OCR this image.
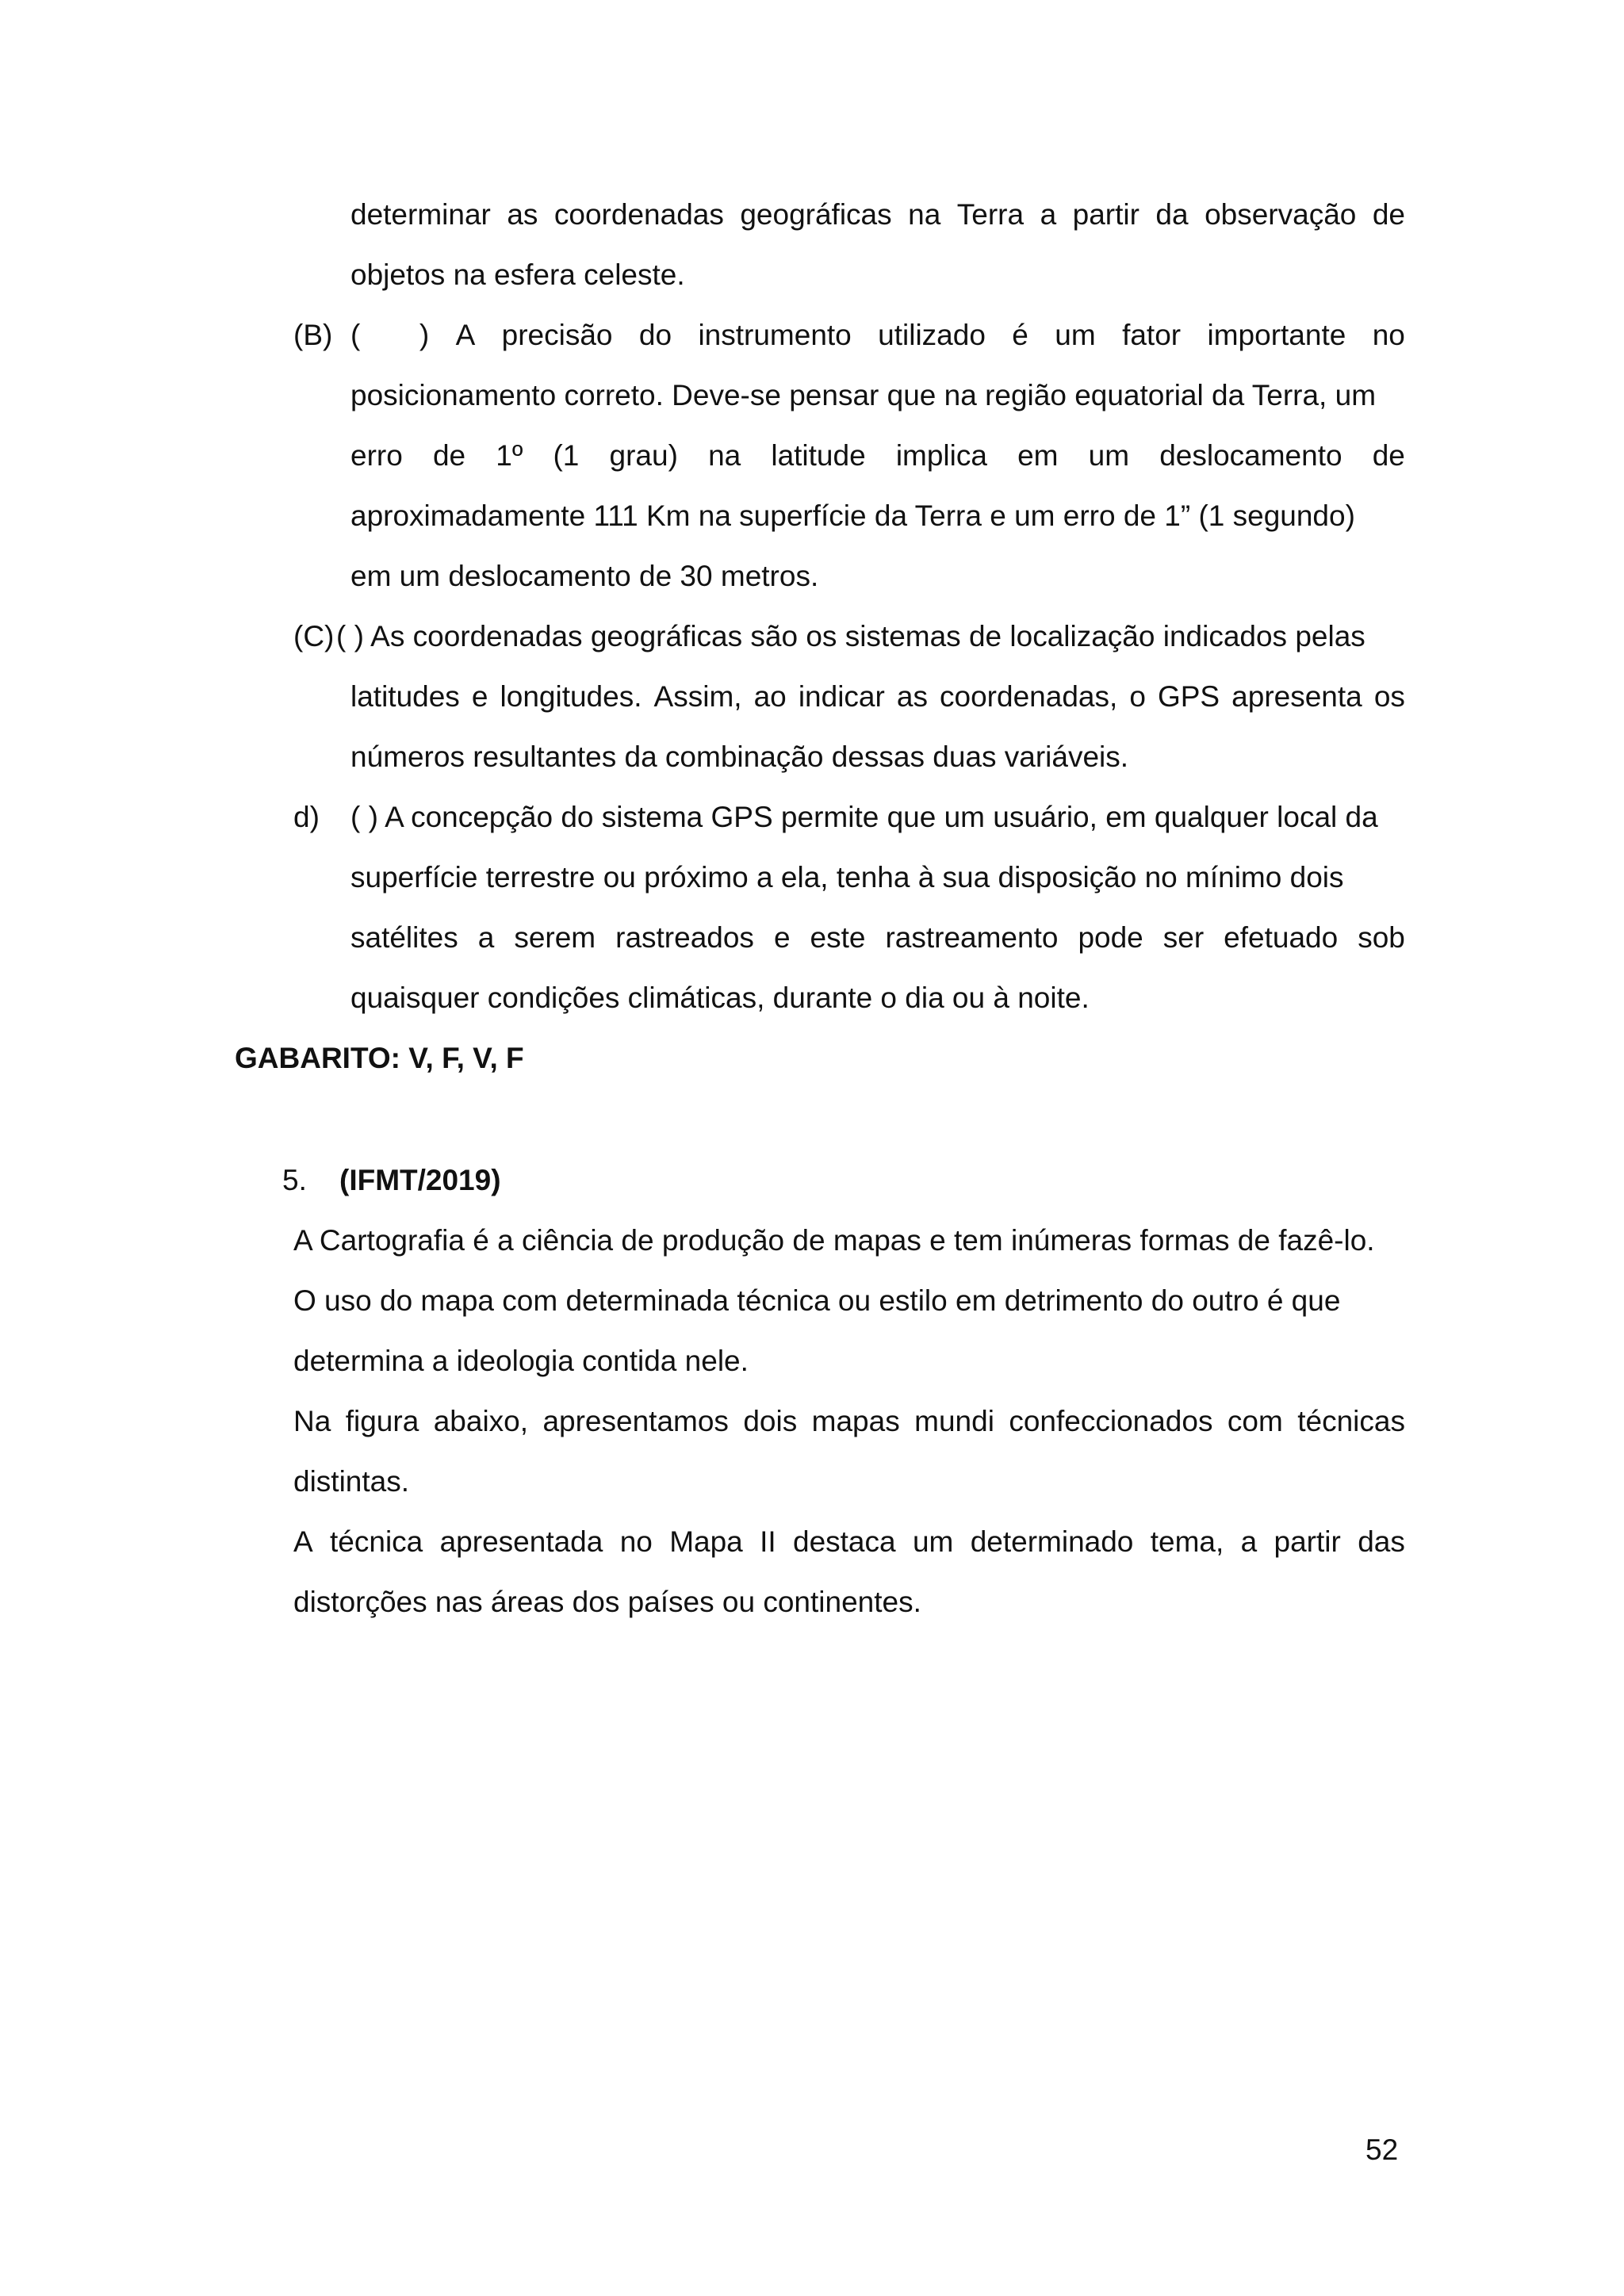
determinar as coordenadas geográficas na Terra a partir da observação de
objetos na esfera celeste.
(B) ( ) A precisão do instrumento utilizado é um fator importante no
posicionamento correto. Deve-se pensar que na região equatorial da Terra, um
erro de 1º (1 grau) na latitude implica em um deslocamento de
aproximadamente 111 Km na superfície da Terra e um erro de 1” (1 segundo)
em um deslocamento de 30 metros.
(C) ( ) As coordenadas geográficas são os sistemas de localização indicados pelas
latitudes e longitudes. Assim, ao indicar as coordenadas, o GPS apresenta os
números resultantes da combinação dessas duas variáveis.
d) ( ) A concepção do sistema GPS permite que um usuário, em qualquer local da
superfície terrestre ou próximo a ela, tenha à sua disposição no mínimo dois
satélites a serem rastreados e este rastreamento pode ser efetuado sob
quaisquer condições climáticas, durante o dia ou à noite.
GABARITO: V, F, V, F
5. (IFMT/2019)
A Cartografia é a ciência de produção de mapas e tem inúmeras formas de fazê-lo.
O uso do mapa com determinada técnica ou estilo em detrimento do outro é que
determina a ideologia contida nele.
Na figura abaixo, apresentamos dois mapas mundi confeccionados com técnicas
distintas.
A técnica apresentada no Mapa II destaca um determinado tema, a partir das
distorções nas áreas dos países ou continentes.
52
